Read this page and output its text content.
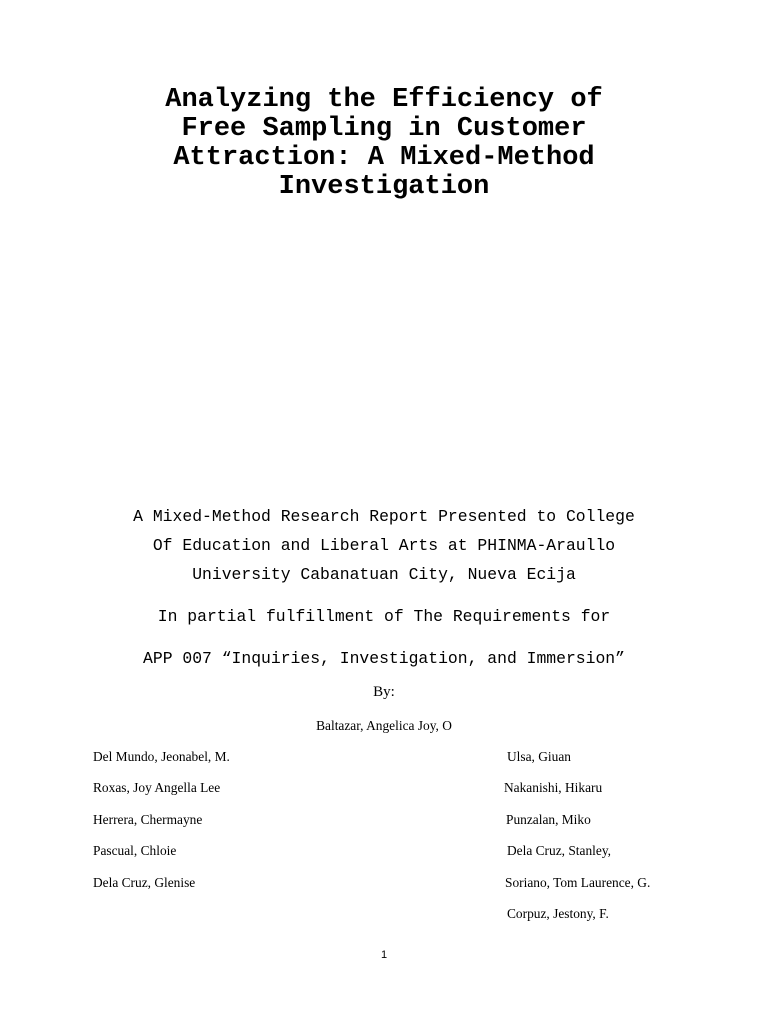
Analyzing the Efficiency of
Free Sampling in Customer
Attraction: A Mixed-Method
Investigation
A Mixed-Method Research Report Presented to College
Of Education and Liberal Arts at PHINMA-Araullo
University Cabanatuan City, Nueva Ecija
In partial fulfillment of The Requirements for
APP 007 “Inquiries, Investigation, and Immersion”
By:
Baltazar, Angelica Joy, O
Del Mundo, Jeonabel, M.
Roxas, Joy Angella Lee
Herrera, Chermayne
Pascual, Chloie
Dela Cruz, Glenise
Ulsa, Giuan
Nakanishi, Hikaru
Punzalan, Miko
Dela Cruz, Stanley,
Soriano, Tom Laurence, G.
Corpuz, Jestony, F.
1
